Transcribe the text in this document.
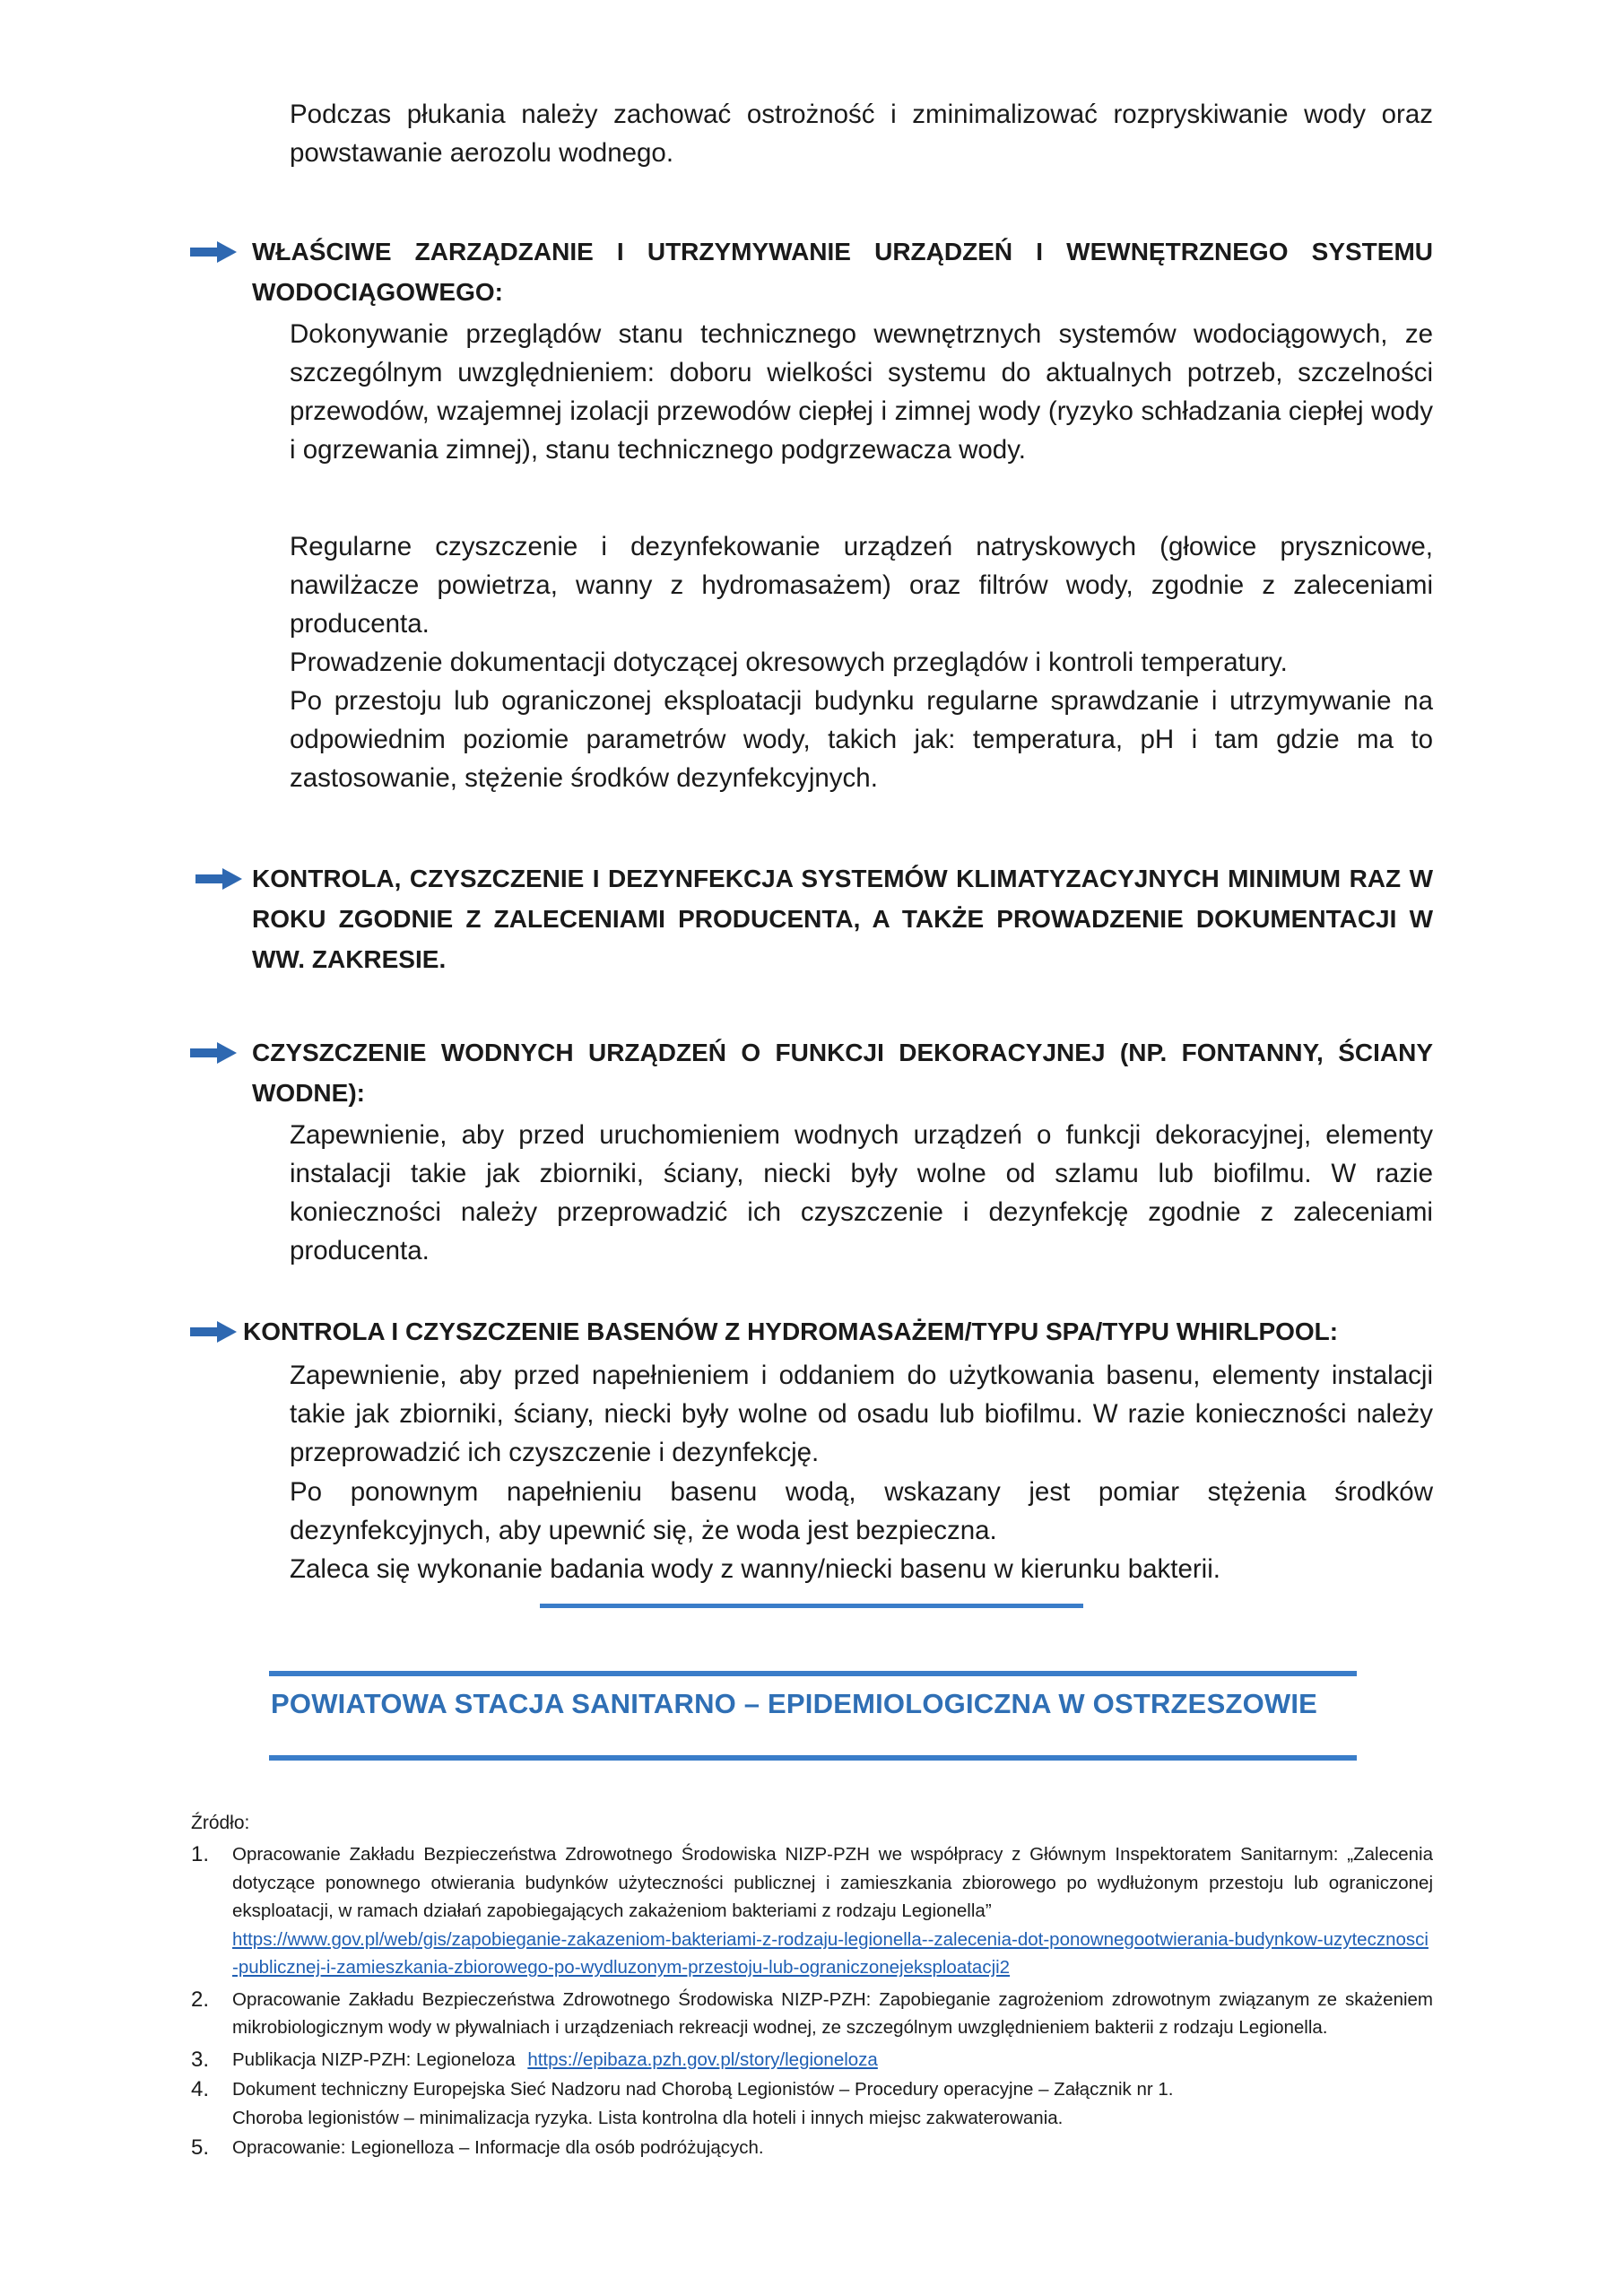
Podczas płukania należy zachować ostrożność i zminimalizować rozpryskiwanie wody oraz powstawanie aerozolu wodnego.

WŁAŚCIWE ZARZĄDZANIE I UTRZYMYWANIE URZĄDZEŃ I WEWNĘTRZNEGO SYSTEMU WODOCIĄGOWEGO:

Dokonywanie przeglądów stanu technicznego wewnętrznych systemów wodociągowych, ze szczególnym uwzględnieniem: doboru wielkości systemu do aktualnych potrzeb, szczelności przewodów, wzajemnej izolacji przewodów ciepłej i zimnej wody (ryzyko schładzania ciepłej wody i ogrzewania zimnej), stanu technicznego podgrzewacza wody.

Regularne czyszczenie i dezynfekowanie urządzeń natryskowych (głowice prysznicowe, nawilżacze powietrza, wanny z hydromasażem) oraz filtrów wody, zgodnie z zaleceniami producenta.

Prowadzenie dokumentacji dotyczącej okresowych przeglądów i kontroli temperatury.

Po przestoju lub ograniczonej eksploatacji budynku regularne sprawdzanie i utrzymywanie na odpowiednim poziomie parametrów wody, takich jak: temperatura, pH i tam gdzie ma to zastosowanie, stężenie środków dezynfekcyjnych.

KONTROLA, CZYSZCZENIE I DEZYNFEKCJA SYSTEMÓW KLIMATYZACYJNYCH MINIMUM RAZ W ROKU ZGODNIE Z ZALECENIAMI PRODUCENTA, A TAKŻE PROWADZENIE DOKUMENTACJI W WW. ZAKRESIE.
CZYSZCZENIE WODNYCH URZĄDZEŃ O FUNKCJI DEKORACYJNEJ (NP. FONTANNY, ŚCIANY WODNE):

Zapewnienie, aby przed uruchomieniem wodnych urządzeń o funkcji dekoracyjnej, elementy instalacji takie jak zbiorniki, ściany, niecki były wolne od szlamu lub biofilmu. W razie konieczności należy przeprowadzić ich czyszczenie i dezynfekcję zgodnie z zaleceniami producenta.

KONTROLA I CZYSZCZENIE BASENÓW Z HYDROMASAŻEM/TYPU SPA/TYPU WHIRLPOOL:

Zapewnienie, aby przed napełnieniem i oddaniem do użytkowania basenu, elementy instalacji takie jak zbiorniki, ściany, niecki były wolne od osadu lub biofilmu. W razie konieczności należy przeprowadzić ich czyszczenie i dezynfekcję.

Po ponownym napełnieniu basenu wodą, wskazany jest pomiar stężenia środków dezynfekcyjnych, aby upewnić się, że woda jest bezpieczna.

Zaleca się wykonanie badania wody z wanny/niecki basenu w kierunku bakterii.

POWIATOWA STACJA SANITARNO – EPIDEMIOLOGICZNA W OSTRZESZOWIE
Źródło:
1.	Opracowanie Zakładu Bezpieczeństwa Zdrowotnego Środowiska NIZP-PZH we współpracy z Głównym Inspektoratem Sanitarnym: „Zalecenia dotyczące ponownego otwierania budynków użyteczności publicznej i zamieszkania zbiorowego po wydłużonym przestoju lub ograniczonej eksploatacji, w ramach działań zapobiegających zakażeniom bakteriami z rodzaju Legionella”
https://www.gov.pl/web/gis/zapobieganie-zakazeniom-bakteriami-z-rodzaju-legionella--zalecenia-dot-ponownegootwierania-budynkow-uzytecznosci-publicznej-i-zamieszkania-zbiorowego-po-wydluzonym-przestoju-lub-ograniczonejeksploatacji2
2.	Opracowanie Zakładu Bezpieczeństwa Zdrowotnego Środowiska NIZP-PZH: Zapobieganie zagrożeniom zdrowotnym związanym ze skażeniem mikrobiologicznym wody w pływalniach i urządzeniach rekreacji wodnej, ze szczególnym uwzględnieniem bakterii z rodzaju Legionella.
3.	Publikacja NIZP-PZH: Legioneloza https://epibaza.pzh.gov.pl/story/legioneloza
4.	Dokument techniczny Europejska Sieć Nadzoru nad Chorobą Legionistów – Procedury operacyjne – Załącznik nr 1.
Choroba legionistów – minimalizacja ryzyka. Lista kontrolna dla hoteli i innych miejsc zakwaterowania.
5.	Opracowanie: Legionelloza – Informacje dla osób podróżujących.
